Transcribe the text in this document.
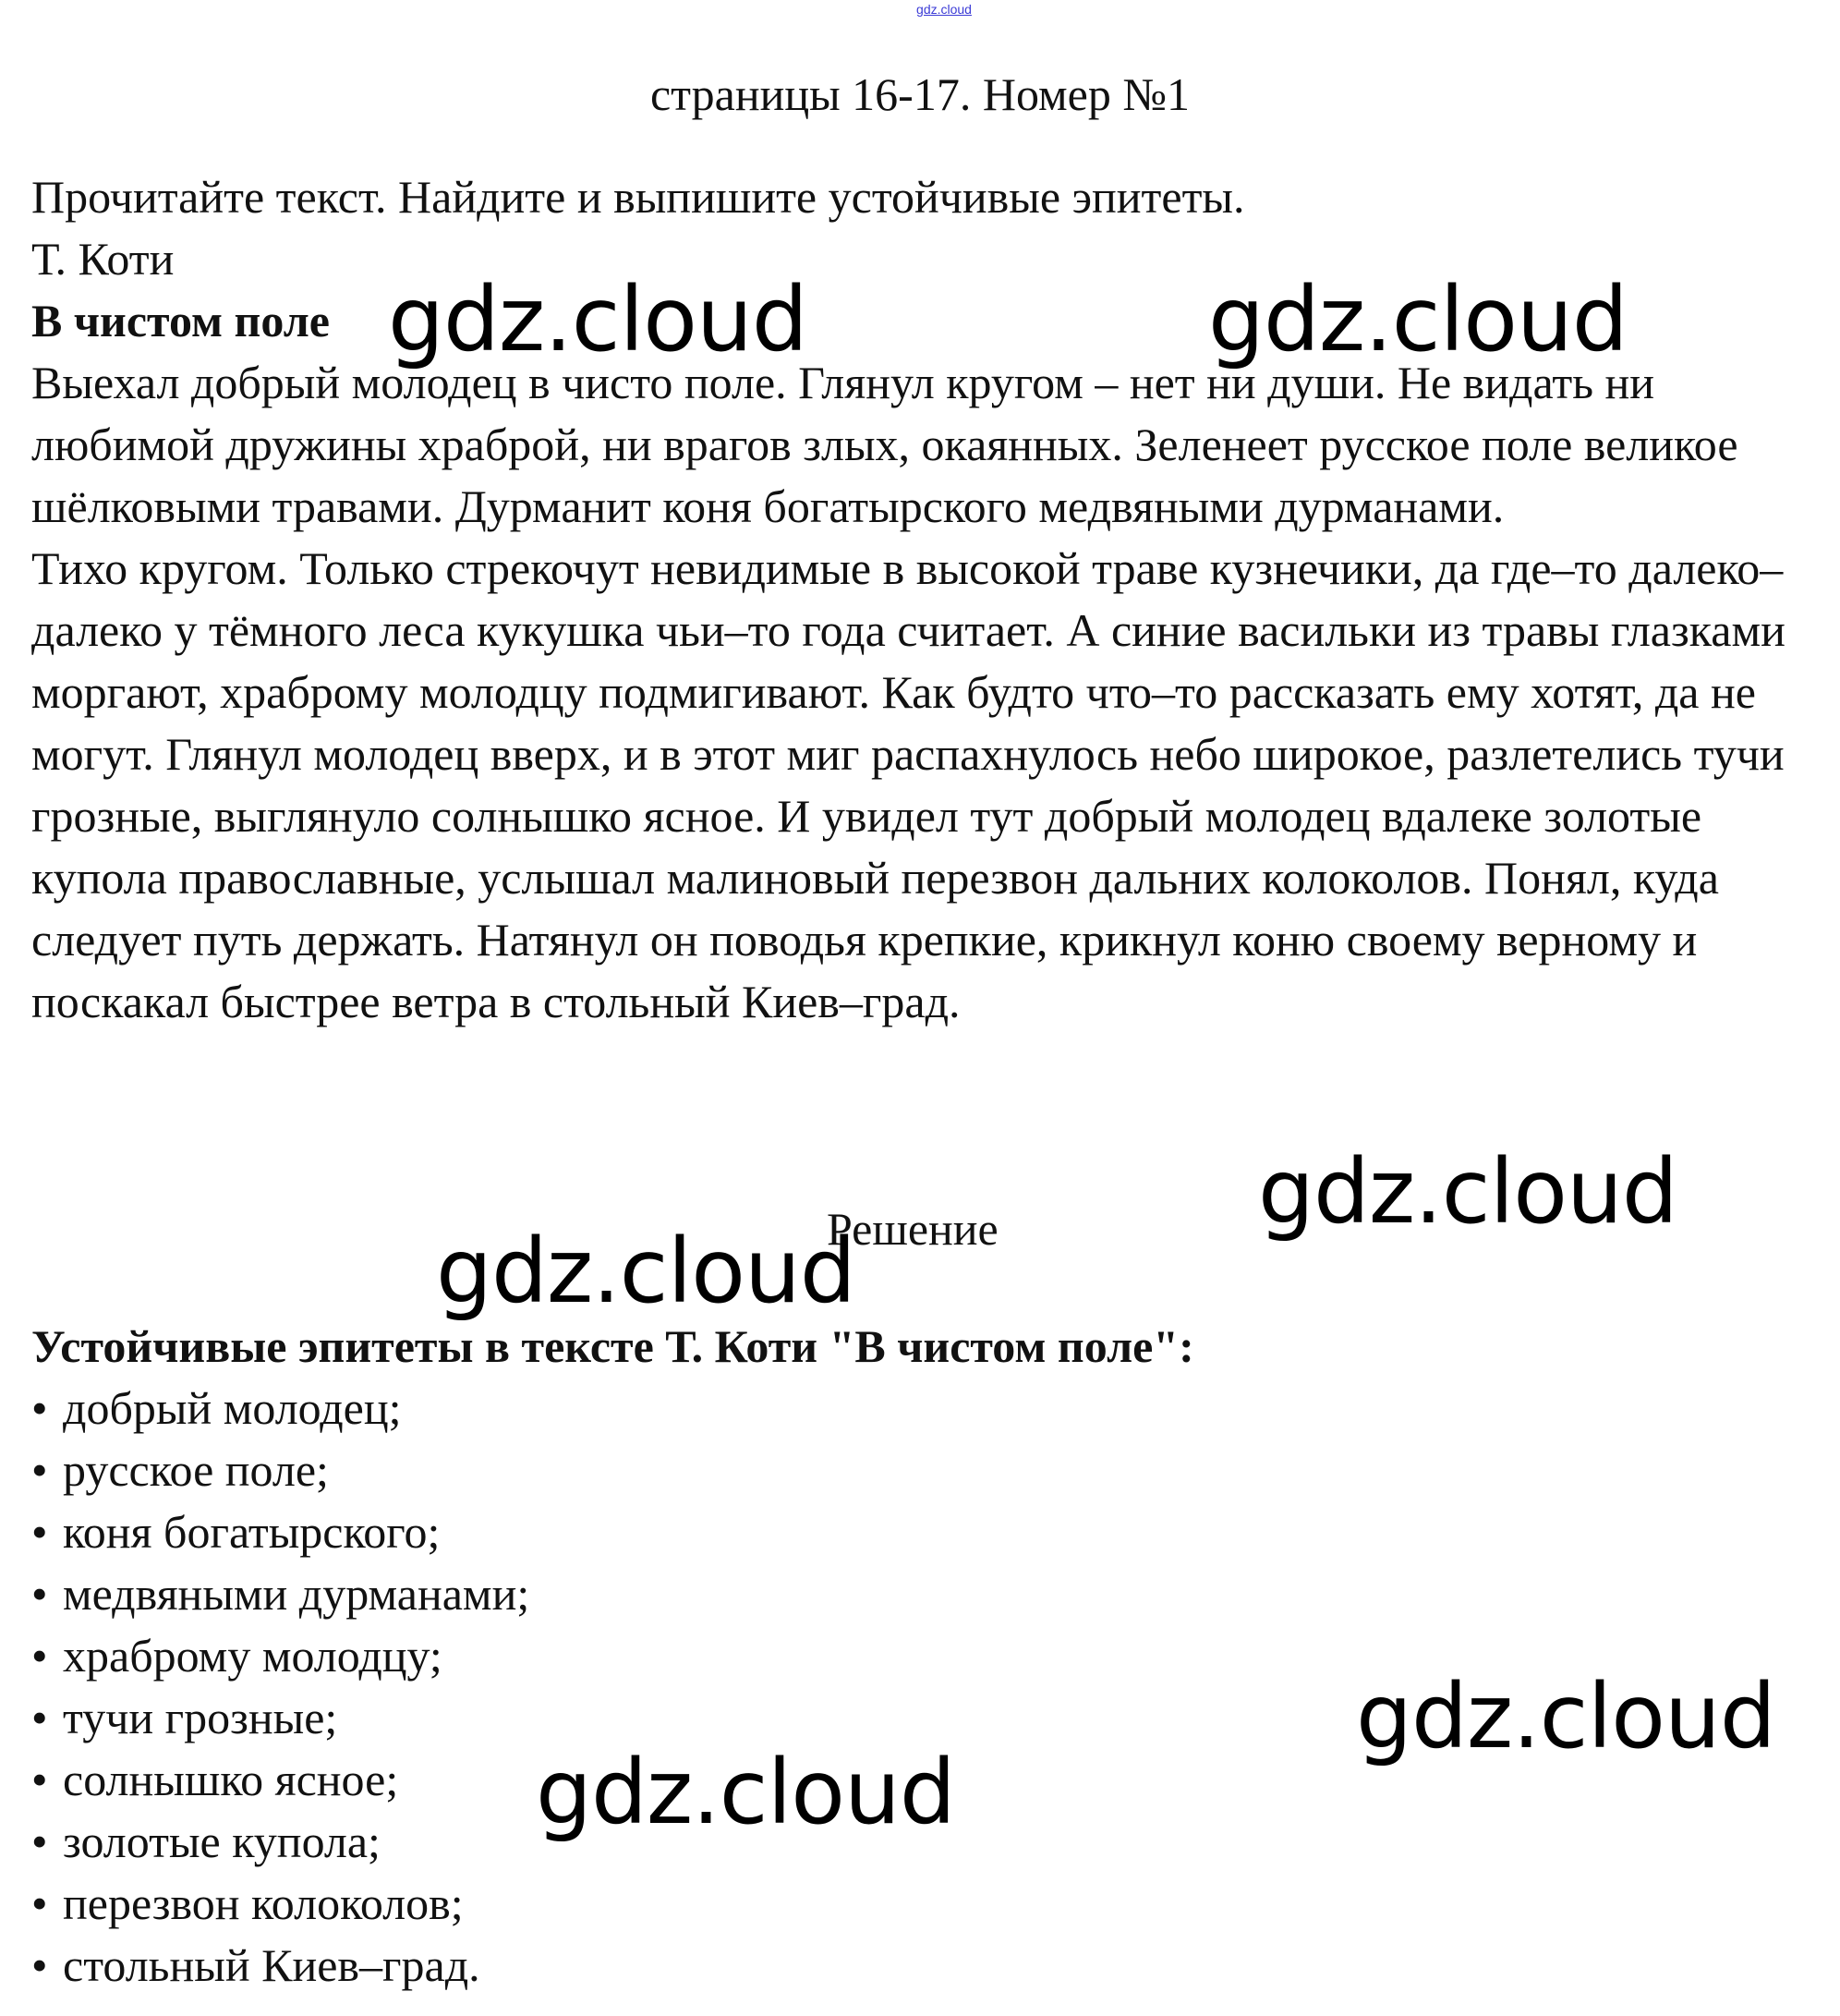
gdz.cloud
страницы 16-17. Номер №1

Прочитайте текст. Найдите и выпишите устойчивые эпитеты.

Т. Коти

В чистом поле

Выехал добрый молодец в чисто поле. Глянул кругом – нет ни души. Не видать ни любимой дружины храброй, ни врагов злых, окаянных. Зеленеет русское поле великое шёлковыми травами. Дурманит коня богатырского медвяными дурманами.

Тихо кругом. Только стрекочут невидимые в высокой траве кузнечики, да где–то далеко–далеко у тёмного леса кукушка чьи–то года считает. А синие васильки из травы глазками моргают, храброму молодцу подмигивают. Как будто что–то рассказать ему хотят, да не могут. Глянул молодец вверх, и в этот миг распахнулось небо широкое, разлетелись тучи грозные, выглянуло солнышко ясное. И увидел тут добрый молодец вдалеке золотые купола православные, услышал малиновый перезвон дальних колоколов. Понял, куда следует путь держать. Натянул он поводья крепкие, крикнул коню своему верному и поскакал быстрее ветра в стольный Киев–град.

Решение

Устойчивые эпитеты в тексте Т. Коти "В чистом поле":

• добрый молодец;
• русское поле;
• коня богатырского;
• медвяными дурманами;
• храброму молодцу;
• тучи грозные;
• солнышко ясное;
• золотые купола;
• перезвон колоколов;
• стольный Киев–град.
gdz.cloud	gdz.cloud
gdz.cloud
gdz.cloud
gdz.cloud
gdz.cloud
